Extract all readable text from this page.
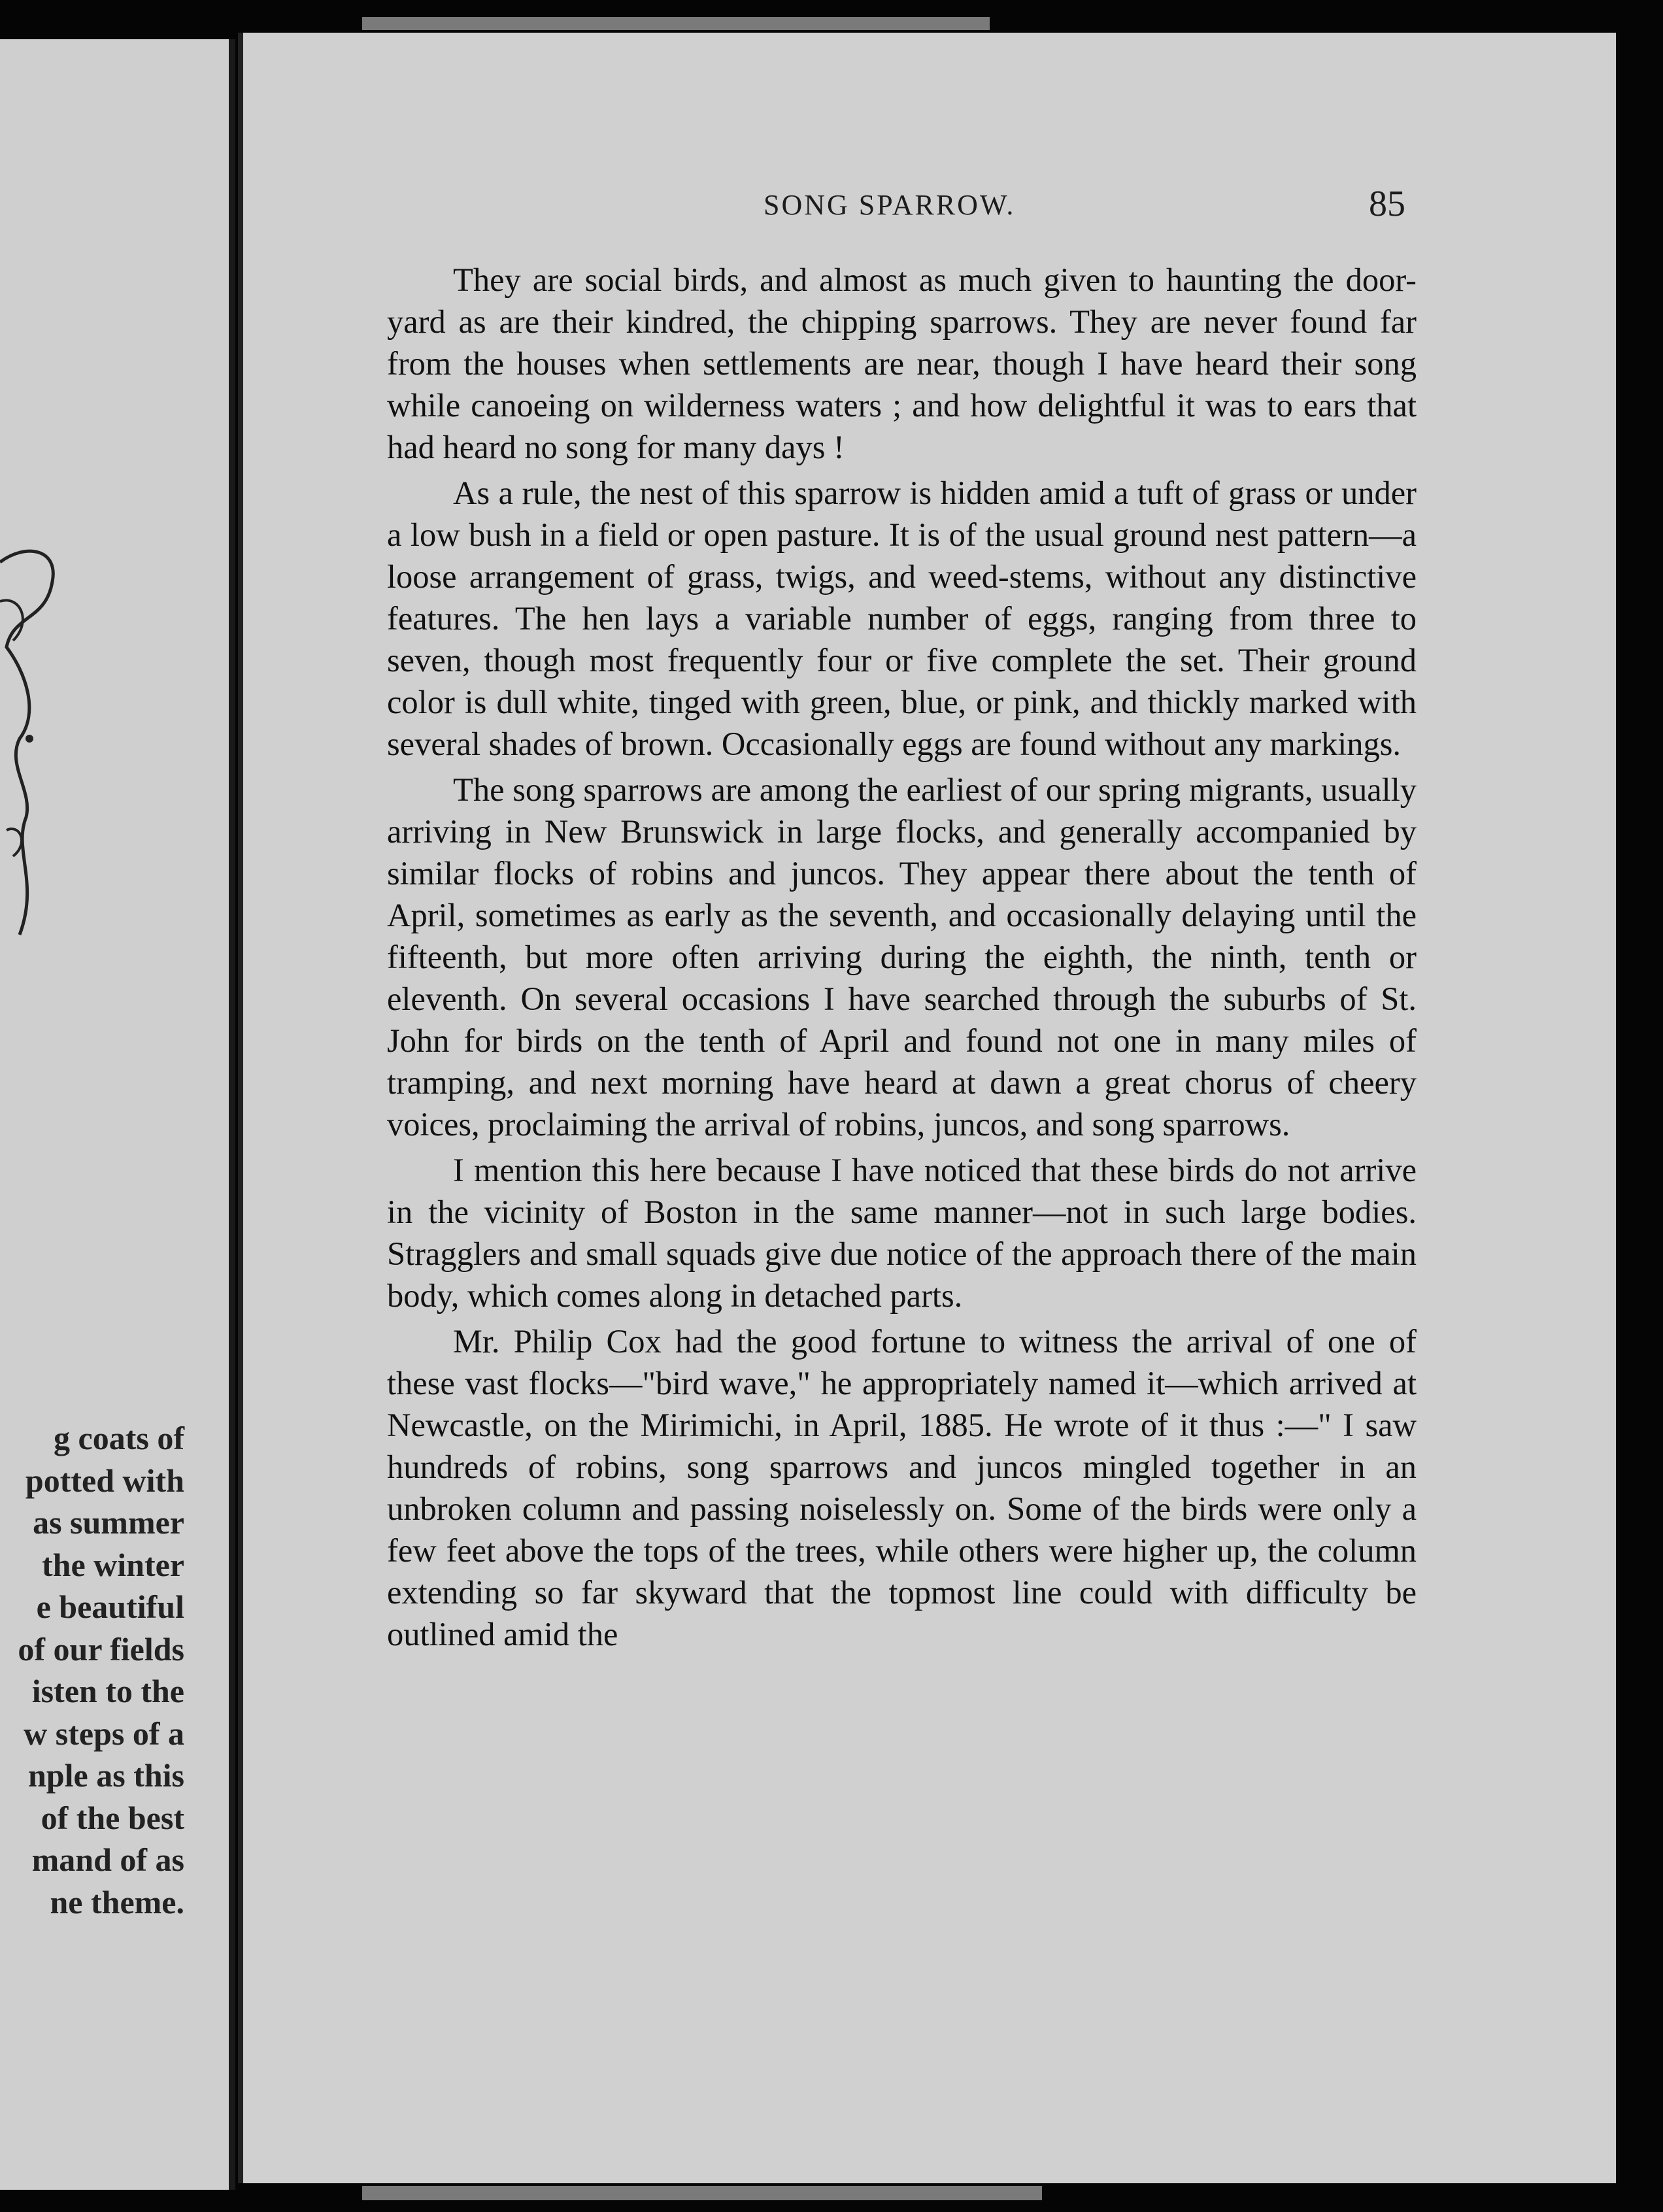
g coats of
potted with
as summer
the winter
e beautiful
of our fields
isten to the
w steps of a
nple as this
of the best
mand of as
ne theme.
SONG SPARROW.	85

They are social birds, and almost as much given to haunting the door-yard as are their kindred, the chipping sparrows. They are never found far from the houses when settlements are near, though I have heard their song while canoeing on wilderness waters ; and how delightful it was to ears that had heard no song for many days !

As a rule, the nest of this sparrow is hidden amid a tuft of grass or under a low bush in a field or open pasture. It is of the usual ground nest pattern—a loose arrangement of grass, twigs, and weed-stems, without any distinctive features. The hen lays a variable number of eggs, ranging from three to seven, though most frequently four or five complete the set. Their ground color is dull white, tinged with green, blue, or pink, and thickly marked with several shades of brown. Occasionally eggs are found without any markings.

The song sparrows are among the earliest of our spring migrants, usually arriving in New Brunswick in large flocks, and generally accompanied by similar flocks of robins and juncos. They appear there about the tenth of April, sometimes as early as the seventh, and occasionally delaying until the fifteenth, but more often arriving during the eighth, the ninth, tenth or eleventh. On several occasions I have searched through the suburbs of St. John for birds on the tenth of April and found not one in many miles of tramping, and next morning have heard at dawn a great chorus of cheery voices, proclaiming the arrival of robins, juncos, and song sparrows.

I mention this here because I have noticed that these birds do not arrive in the vicinity of Boston in the same manner—not in such large bodies. Stragglers and small squads give due notice of the approach there of the main body, which comes along in detached parts.

Mr. Philip Cox had the good fortune to witness the arrival of one of these vast flocks—"bird wave," he appropriately named it—which arrived at Newcastle, on the Mirimichi, in April, 1885. He wrote of it thus :—" I saw hundreds of robins, song sparrows and juncos mingled together in an unbroken column and passing noiselessly on. Some of the birds were only a few feet above the tops of the trees, while others were higher up, the column extending so far skyward that the topmost line could with difficulty be outlined amid the
